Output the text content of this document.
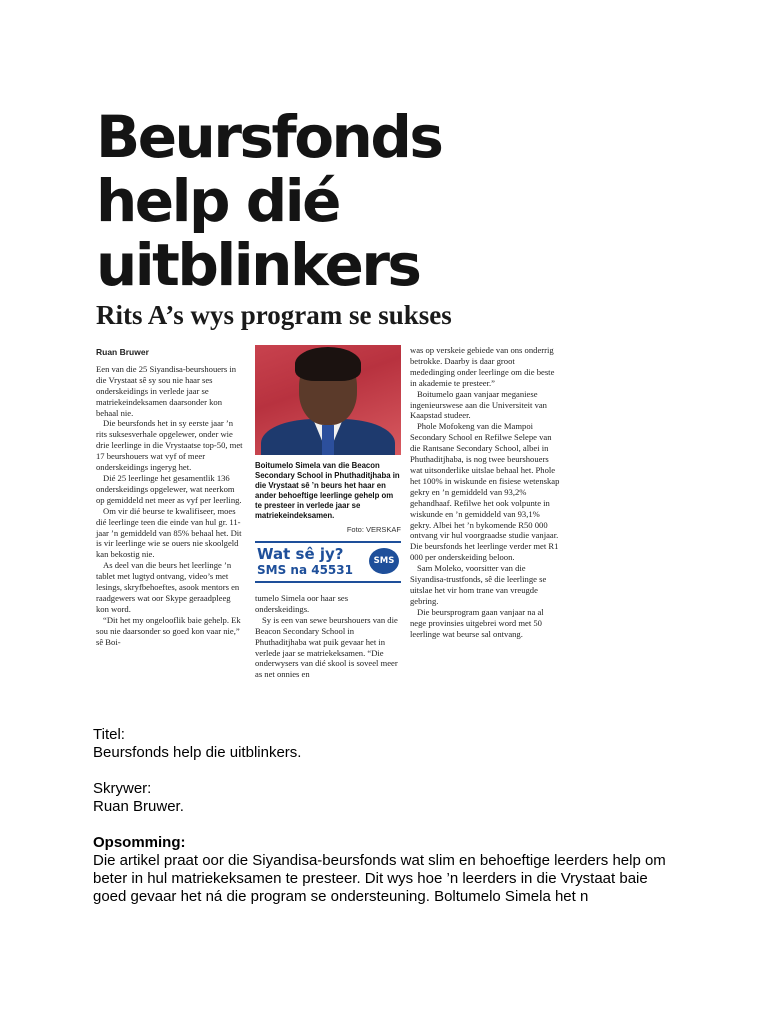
Beursfonds
help dié
uitblinkers
Rits A’s wys program se sukses
Ruan Bruwer

Een van die 25 Siyandisa-beurshouers in die Vrystaat sê sy sou nie haar ses onderskeidings in verlede jaar se matriekeindeksamen daarsonder kon behaal nie.

Die beursfonds het in sy eerste jaar ’n rits suksesverhale opgelewer, onder wie drie leerlinge in die Vrystaatse top-50, met 17 beurshouers wat vyf of meer onderskeidings ingeryg het.

Dié 25 leerlinge het gesamentlik 136 onderskeidings opgelewer, wat neerkom op gemiddeld net meer as vyf per leerling.

Om vir dié beurse te kwalifiseer, moes dié leerlinge teen die einde van hul gr. 11-jaar ’n gemiddeld van 85% behaal het. Dit is vir leerlinge wie se ouers nie skoolgeld kan bekostig nie.

As deel van die beurs het leerlinge ’n tablet met lugtyd ontvang, video’s met lesings, skryfbehoeftes, asook mentors en raadgewers wat oor Skype geraadpleeg kon word.

“Dit het my ongelooflik baie gehelp. Ek sou nie daarsonder so goed kon vaar nie,” sê Boi-

Boitumelo Simela van die Beacon Secondary School in Phuthaditjhaba in die Vrystaat sê ’n beurs het haar en ander behoeftige leerlinge gehelp om te presteer in verlede jaar se matriekeindeksamen.
Foto: VERSKAF
Wat sê jy?
SMS na 45531
SMS

tumelo Simela oor haar ses onderskeidings.

Sy is een van sewe beurshouers van die Beacon Secondary School in Phuthaditjhaba wat puik gevaar het in verlede jaar se matriekeksamen. “Die onderwysers van dié skool is soveel meer as net onnies en

was op verskeie gebiede van ons onderrig betrokke. Daarby is daar groot mededinging onder leerlinge om die beste in akademie te presteer.”

Boitumelo gaan vanjaar meganiese ingenieurswese aan die Universiteit van Kaapstad studeer.

Phole Mofokeng van die Mampoi Secondary School en Refilwe Selepe van die Rantsane Secondary School, albei in Phuthaditjhaba, is nog twee beurshouers wat uitsonderlike uitslae behaal het. Phole het 100% in wiskunde en fisiese wetenskap gekry en ’n gemiddeld van 93,2% gehandhaaf. Refilwe het ook volpunte in wiskunde en ’n gemiddeld van 93,1% gekry. Albei het ’n bykomende R50 000 ontvang vir hul voorgraadse studie vanjaar. Die beursfonds het leerlinge verder met R1 000 per onderskeiding beloon.

Sam Moleko, voorsitter van die Siyandisa-trustfonds, sê die leerlinge se uitslae het vir hom trane van vreugde gebring.

Die beursprogram gaan vanjaar na al nege provinsies uitgebrei word met 50 leerlinge wat beurse sal ontvang.

Titel:

Beursfonds help die uitblinkers.

Skrywer:

Ruan Bruwer.

Opsomming:

Die artikel praat oor die Siyandisa-beursfonds wat slim en behoeftige leerders help om beter in hul matriekeksamen te presteer. Dit wys hoe ’n leerders in die Vrystaat baie goed gevaar het ná die program se ondersteuning. Boltumelo Simela het n
